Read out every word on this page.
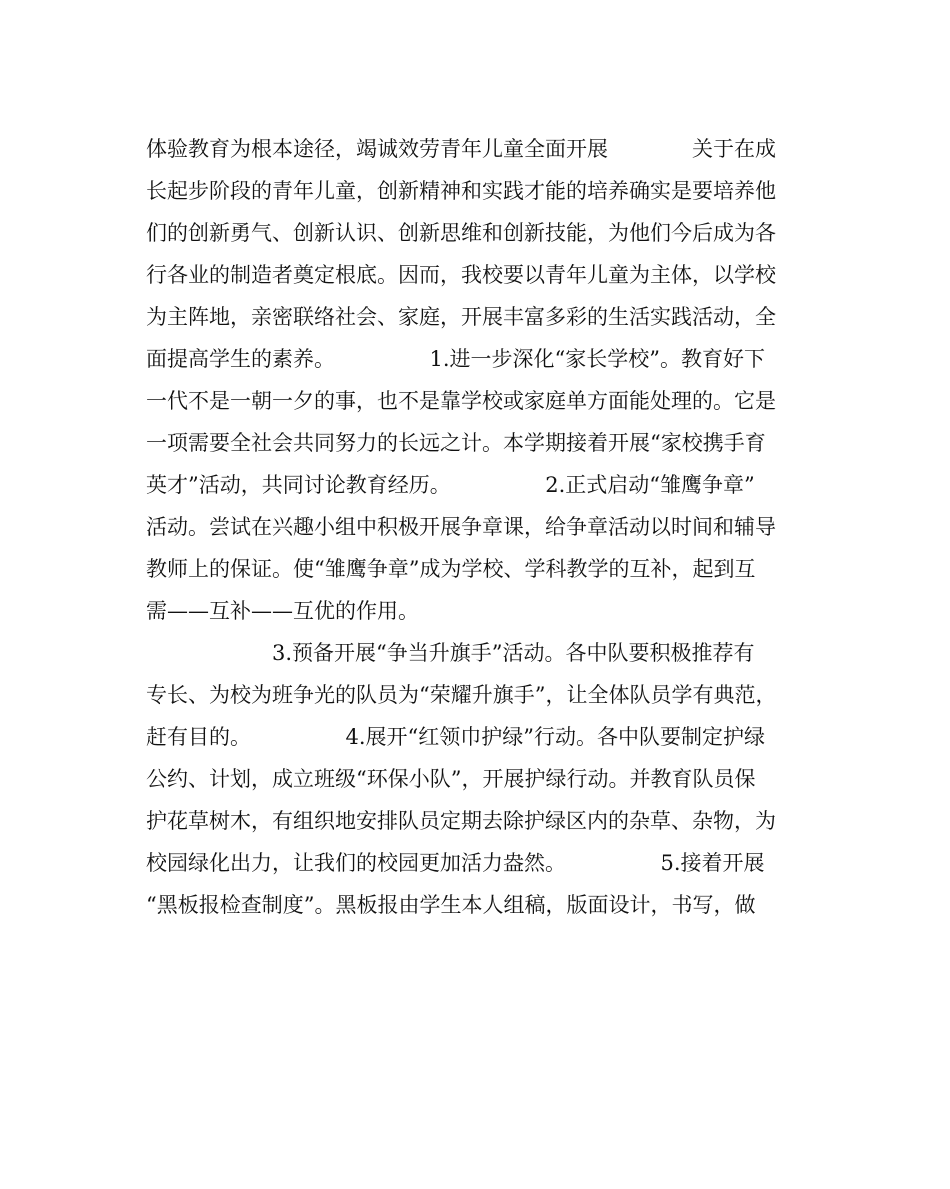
体验教育为根本途径，竭诚效劳青年儿童全面开展　　　　关于在成
长起步阶段的青年儿童，创新精神和实践才能的培养确实是要培养他
们的创新勇气、创新认识、创新思维和创新技能，为他们今后成为各
行各业的制造者奠定根底。因而，我校要以青年儿童为主体，以学校
为主阵地，亲密联络社会、家庭，开展丰富多彩的生活实践活动，全
面提高学生的素养。　　　　　1.进一步深化“家长学校”。教育好下
一代不是一朝一夕的事，也不是靠学校或家庭单方面能处理的。它是
一项需要全社会共同努力的长远之计。本学期接着开展“家校携手育
英才”活动，共同讨论教育经历。　　　　　2.正式启动“雏鹰争章”
活动。尝试在兴趣小组中积极开展争章课，给争章活动以时间和辅导
教师上的保证。使“雏鹰争章”成为学校、学科教学的互补，起到互
需——互补——互优的作用。
　　　　　　3.预备开展“争当升旗手”活动。各中队要积极推荐有
专长、为校为班争光的队员为“荣耀升旗手”，让全体队员学有典范，
赶有目的。　　　　　4.展开“红领巾护绿”行动。各中队要制定护绿
公约、计划，成立班级“环保小队”，开展护绿行动。并教育队员保
护花草树木，有组织地安排队员定期去除护绿区内的杂草、杂物，为
校园绿化出力，让我们的校园更加活力盎然。　　　　　5.接着开展
“黑板报检查制度”。黑板报由学生本人组稿，版面设计，书写，做
